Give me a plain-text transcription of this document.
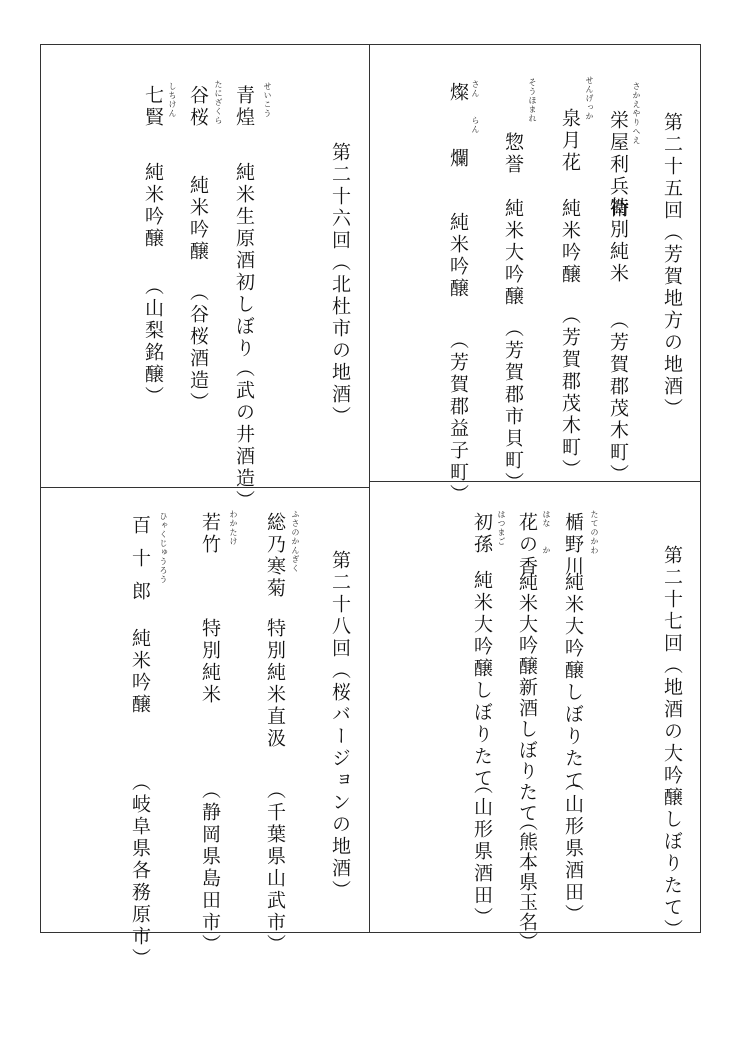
第二十五回（芳賀地方の地酒）
さかえやりへえ
栄屋利兵衛
特別純米
（芳賀郡茂木町）
せんげっか
泉月花
純米吟醸
（芳賀郡茂木町）
そうほまれ
惣誉
純米大吟醸
（芳賀郡市貝町）
さん　　らん
燦　爛
純米吟醸
（芳賀郡益子町）
第二十六回（北杜市の地酒）
せいこう
青煌
純米生原酒初しぼり
（武の井酒造）
たにざくら
谷桜
純米吟醸
（谷桜酒造）
しちけん
七賢
純米吟醸
（山梨銘醸）
第二十七回（地酒の大吟醸しぼりたて）
たてのかわ
楯野川
純米大吟醸しぼりたて
（山形県酒田）
はな　　か
花の香
純米大吟醸新酒しぼりたて
（熊本県玉名）
はつまご
初孫
純米大吟醸しぼりたて
（山形県酒田）
第二十八回（桜バージョンの地酒）
ふさのかんぎく
総乃寒菊
特別純米直汲
（千葉県山武市）
わかたけ
若竹
特別純米
（静岡県島田市）
ひゃくじゅうろう
百十郎
純米吟醸
（岐阜県各務原市）
